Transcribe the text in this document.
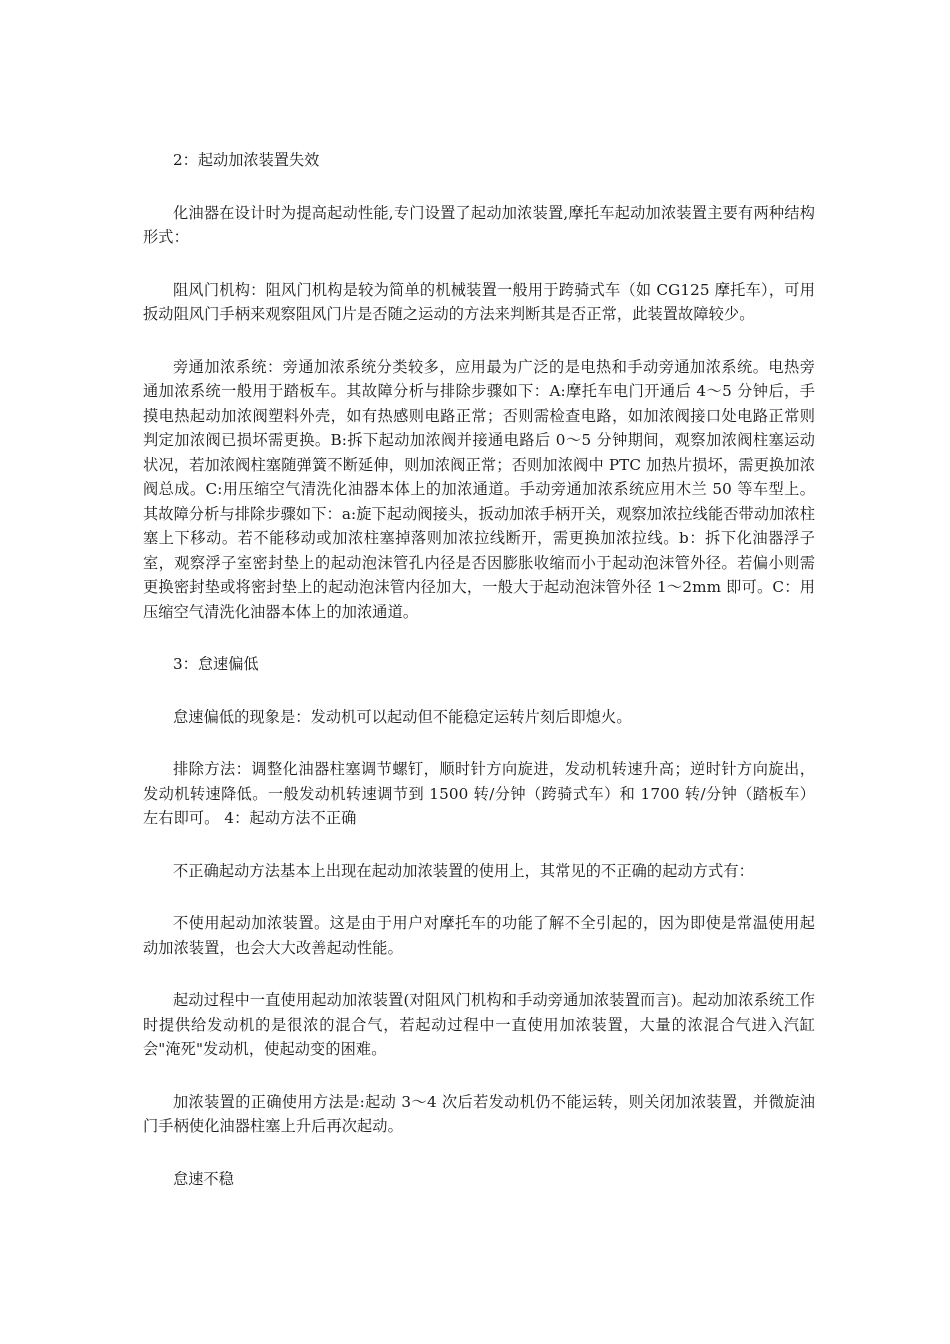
2：起动加浓装置失效

化油器在设计时为提高起动性能,专门设置了起动加浓装置,摩托车起动加浓装置主要有两种结构形式：

阻风门机构：阻风门机构是较为简单的机械装置一般用于跨骑式车（如 CG125 摩托车），可用扳动阻风门手柄来观察阻风门片是否随之运动的方法来判断其是否正常，此装置故障较少。

旁通加浓系统：旁通加浓系统分类较多，应用最为广泛的是电热和手动旁通加浓系统。电热旁通加浓系统一般用于踏板车。其故障分析与排除步骤如下：A:摩托车电门开通后 4～5 分钟后，手摸电热起动加浓阀塑料外壳，如有热感则电路正常；否则需检查电路，如加浓阀接口处电路正常则判定加浓阀已损坏需更换。B:拆下起动加浓阀并接通电路后 0～5 分钟期间，观察加浓阀柱塞运动状况，若加浓阀柱塞随弹簧不断延伸，则加浓阀正常；否则加浓阀中 PTC 加热片损坏，需更换加浓阀总成。C:用压缩空气清洗化油器本体上的加浓通道。手动旁通加浓系统应用木兰 50 等车型上。其故障分析与排除步骤如下：a:旋下起动阀接头，扳动加浓手柄开关，观察加浓拉线能否带动加浓柱塞上下移动。若不能移动或加浓柱塞掉落则加浓拉线断开，需更换加浓拉线。b：拆下化油器浮子室，观察浮子室密封垫上的起动泡沫管孔内径是否因膨胀收缩而小于起动泡沫管外径。若偏小则需更换密封垫或将密封垫上的起动泡沫管内径加大，一般大于起动泡沫管外径 1～2mm 即可。C：用压缩空气清洗化油器本体上的加浓通道。

3：怠速偏低

怠速偏低的现象是：发动机可以起动但不能稳定运转片刻后即熄火。

排除方法：调整化油器柱塞调节螺钉，顺时针方向旋进，发动机转速升高；逆时针方向旋出，发动机转速降低。一般发动机转速调节到 1500 转/分钟（跨骑式车）和 1700 转/分钟（踏板车）左右即可。 4：起动方法不正确

不正确起动方法基本上出现在起动加浓装置的使用上，其常见的不正确的起动方式有：

不使用起动加浓装置。这是由于用户对摩托车的功能了解不全引起的，因为即使是常温使用起动加浓装置，也会大大改善起动性能。

起动过程中一直使用起动加浓装置(对阻风门机构和手动旁通加浓装置而言)。起动加浓系统工作时提供给发动机的是很浓的混合气，若起动过程中一直使用加浓装置，大量的浓混合气进入汽缸会"淹死"发动机，使起动变的困难。

加浓装置的正确使用方法是:起动 3～4 次后若发动机仍不能运转，则关闭加浓装置，并微旋油门手柄使化油器柱塞上升后再次起动。

怠速不稳
